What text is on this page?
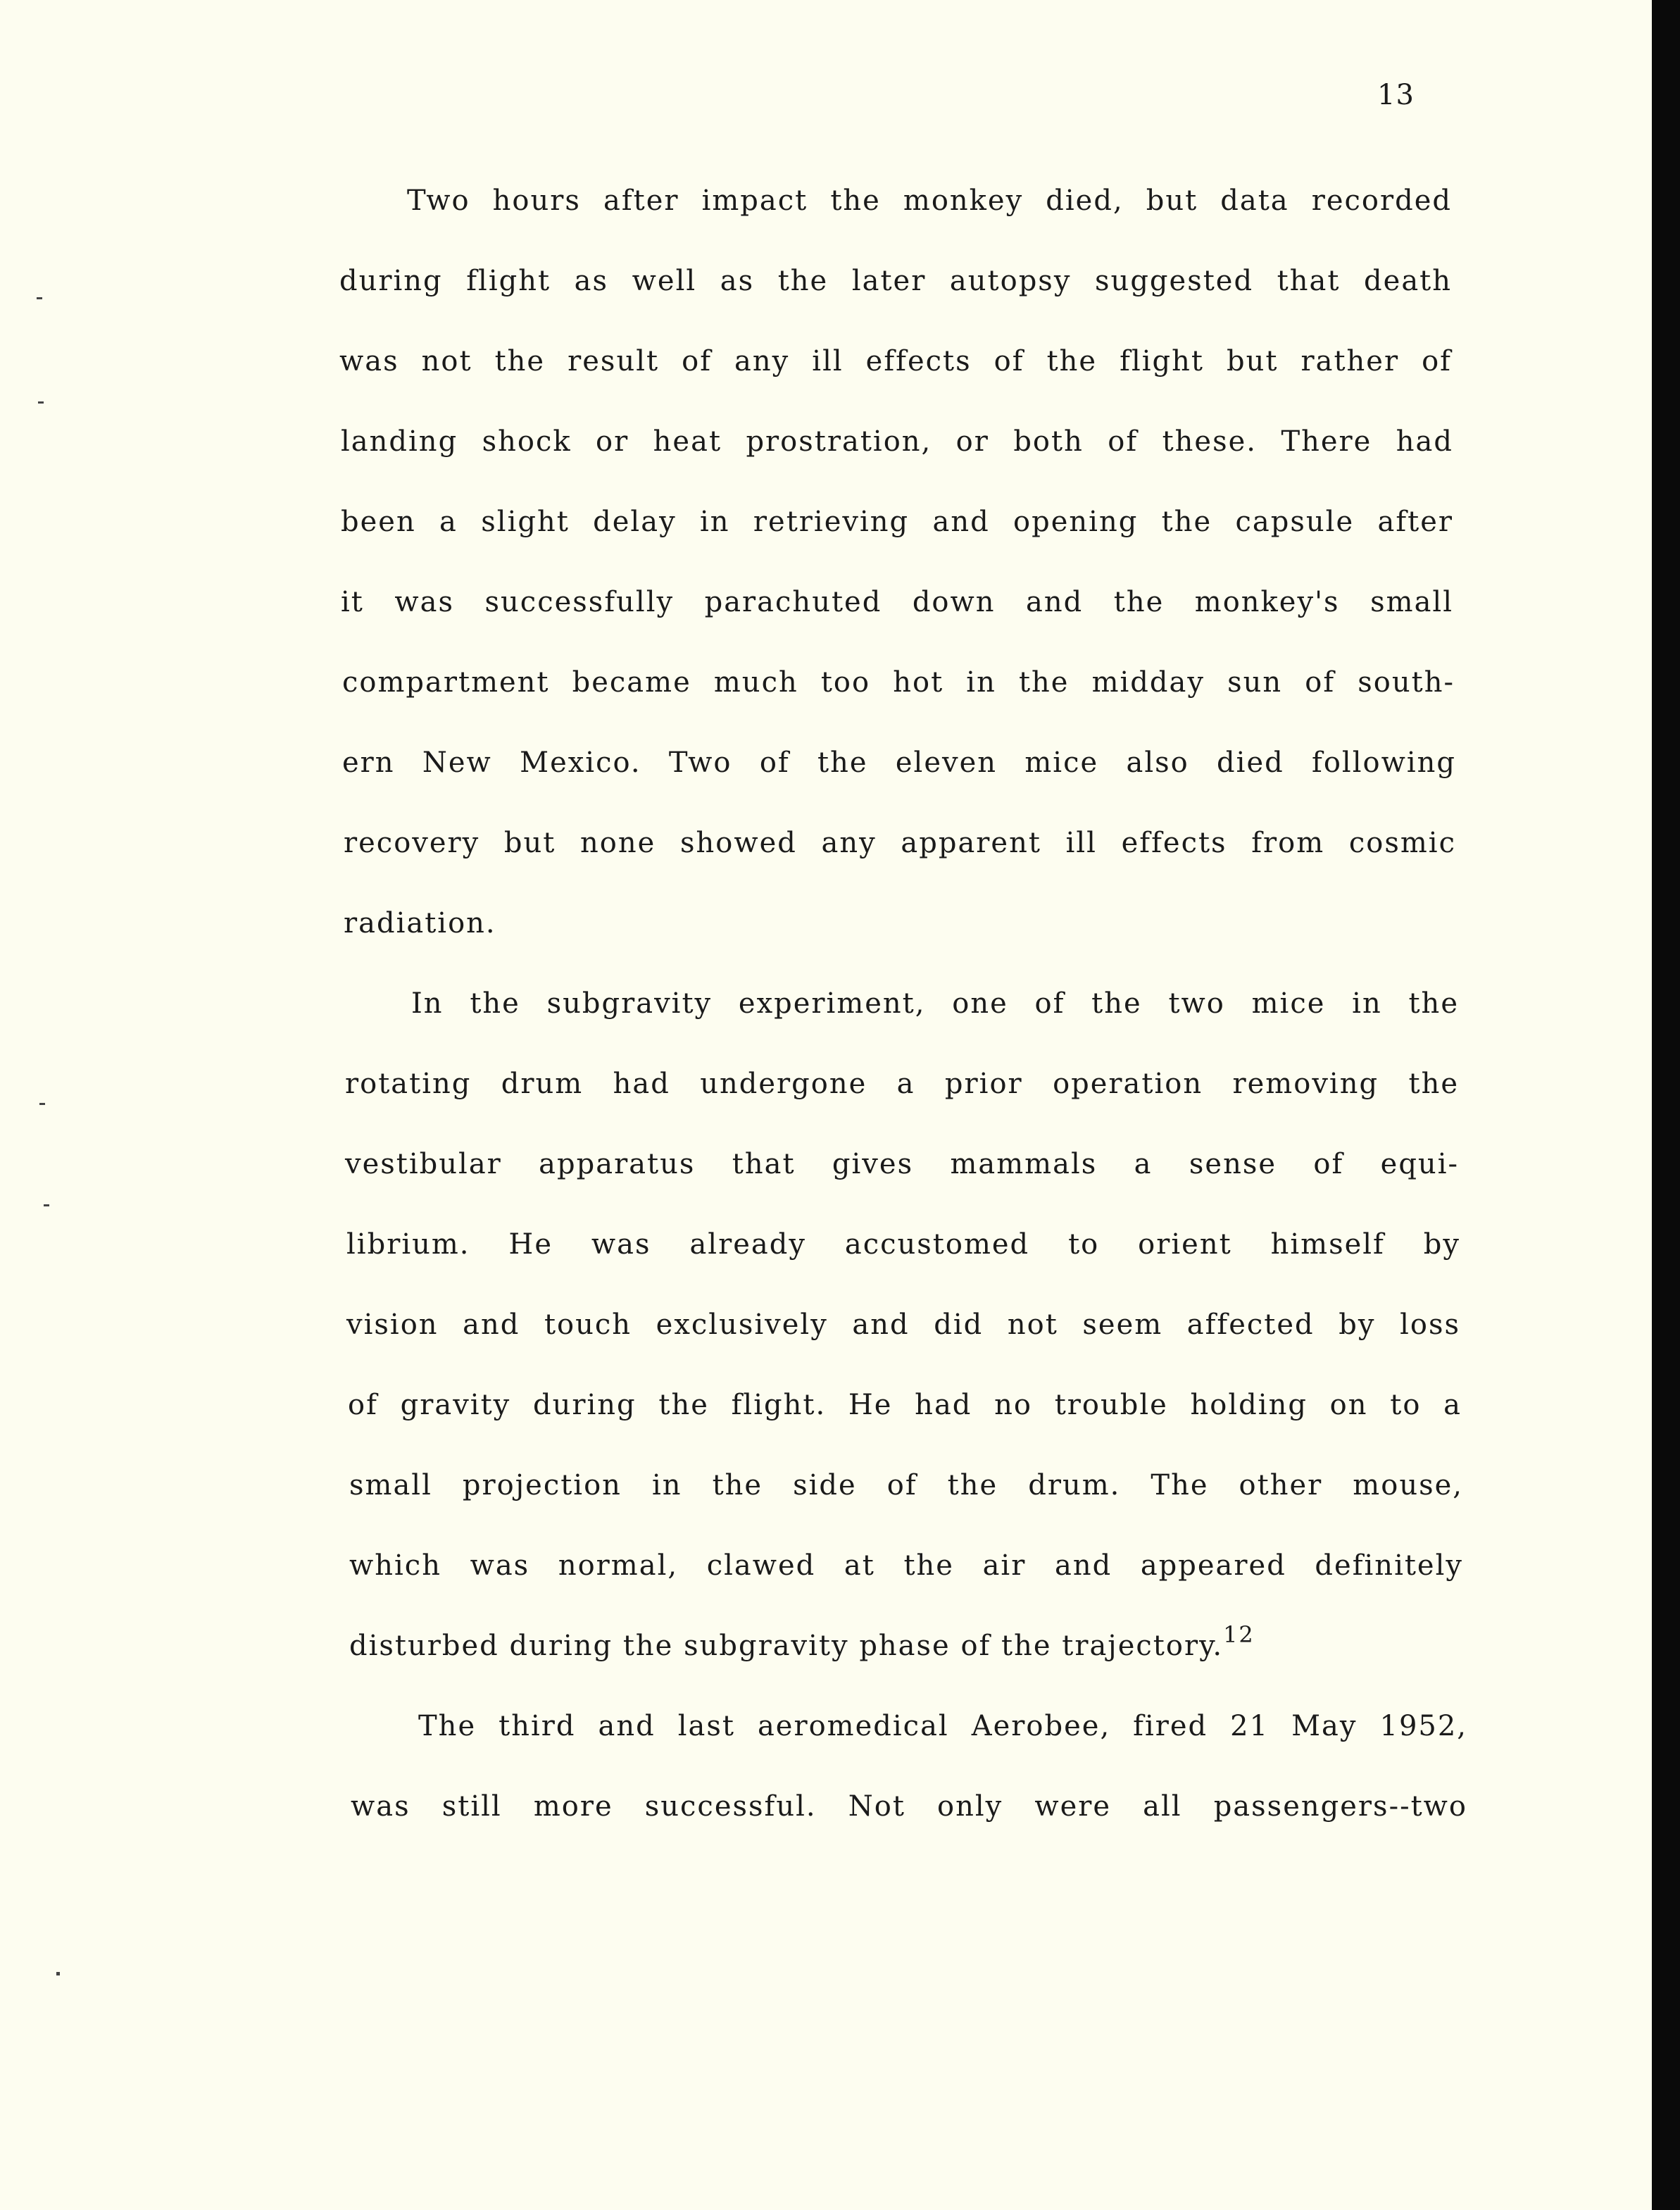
13
Two hours after impact the monkey died, but data recorded
during flight as well as the later autopsy suggested that death
was not the result of any ill effects of the flight but rather of
landing shock or heat prostration, or both of these. There had
been a slight delay in retrieving and opening the capsule after
it was successfully parachuted down and the monkey's small
compartment became much too hot in the midday sun of south-
ern New Mexico. Two of the eleven mice also died following
recovery but none showed any apparent ill effects from cosmic
radiation.
In the subgravity experiment, one of the two mice in the
rotating drum had undergone a prior operation removing the
vestibular apparatus that gives mammals a sense of equi-
librium. He was already accustomed to orient himself by
vision and touch exclusively and did not seem affected by loss
of gravity during the flight. He had no trouble holding on to a
small projection in the side of the drum. The other mouse,
which was normal, clawed at the air and appeared definitely
disturbed during the subgravity phase of the trajectory.$^{12}$
The third and last aeromedical Aerobee, fired 21 May 1952,
was still more successful. Not only were all passengers--two
